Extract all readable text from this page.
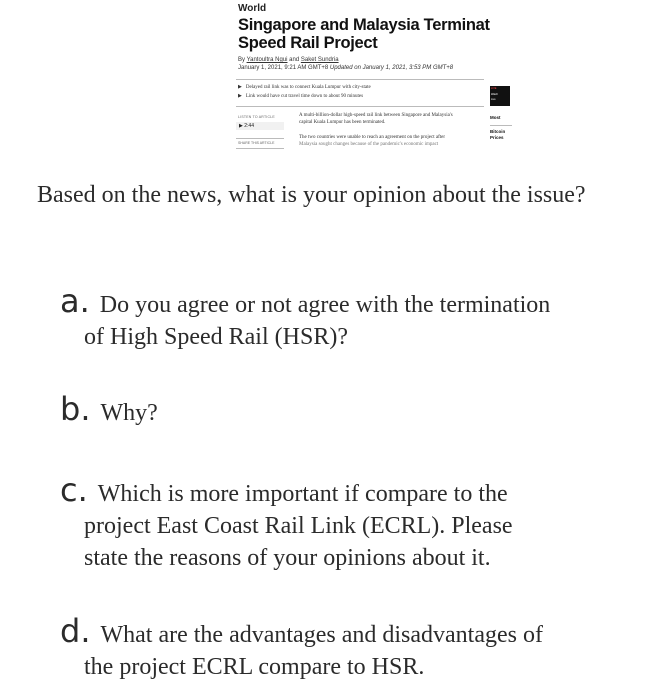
World
Singapore and Malaysia Terminat
Speed Rail Project
By Yantoultra Ngui and Saket Sundria
January 1, 2021, 9:21 AM GMT+8 Updated on January 1, 2021, 3:53 PM GMT+8
▶ Delayed rail link was to connect Kuala Lumpur with city-state
▶ Link would have cut travel time down to about 90 minutes
LISTEN TO ARTICLE
▶ 2:44
SHARE THIS ARTICLE
A multi-billion-dollar high-speed rail link between Singapore and Malaysia's
capital Kuala Lumpur has been terminated.
The two countries were unable to reach an agreement on the project after
Malaysia sought changes because of the pandemic's economic impact
LIVE
Watch
Live
Most
Bitcoin
Prices
Based on the news, what is your opinion about the issue?
a. Do you agree or not agree with the termination
of High Speed Rail (HSR)?
b. Why?
c. Which is more important if compare to the
project East Coast Rail Link (ECRL). Please
state the reasons of your opinions about it.
d. What are the advantages and disadvantages of
the project ECRL compare to HSR.
